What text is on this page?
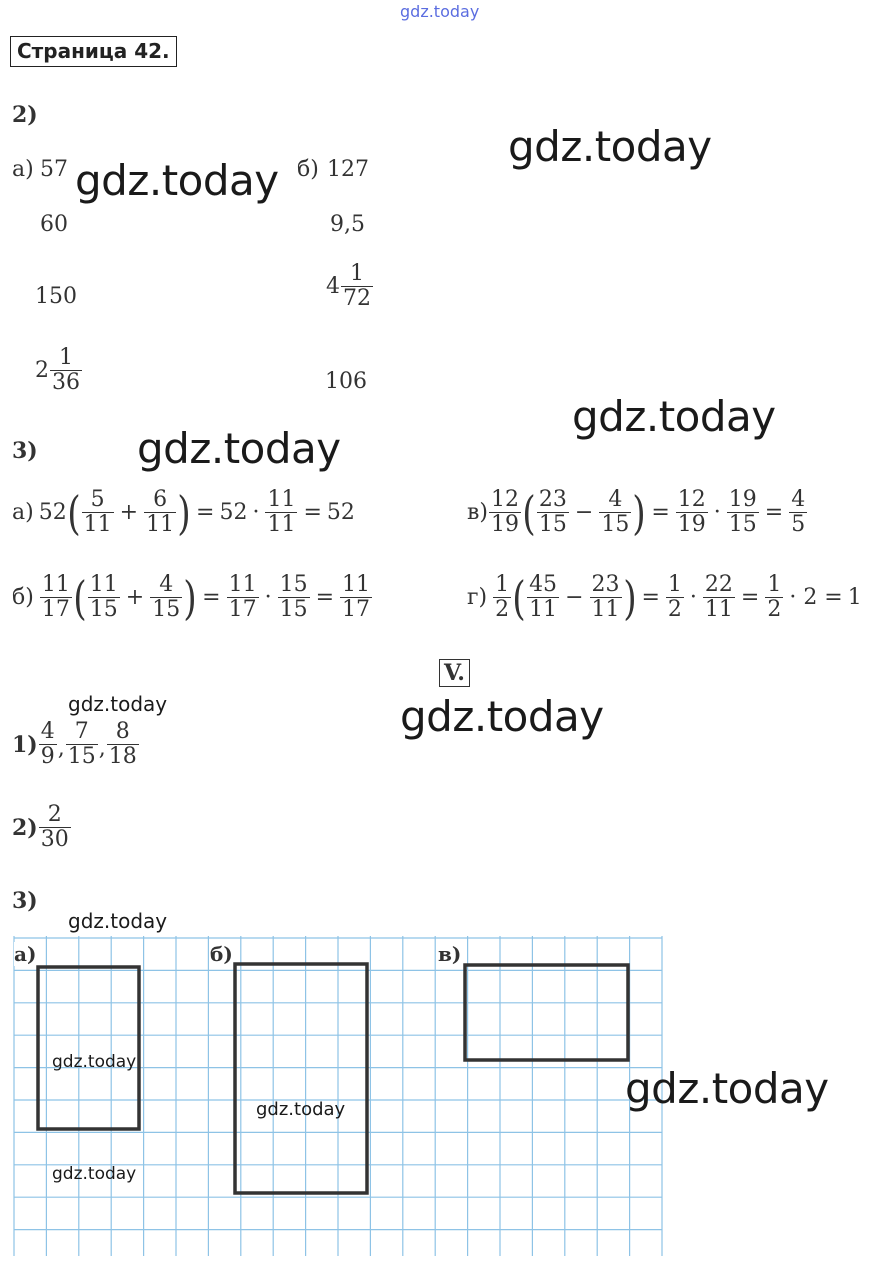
gdz.today
Страница 42.
2)
а) 57
60
150
$2 \frac{1}{36}$
б) 127
9,5
$4 \frac{1}{72}$
106
3)
а) 52 ( $\frac{5}{11} + \frac{6}{11}$ ) = $52 \cdot \frac{11}{11} = 52$
$б) \frac{11}{17}$ ( $\frac{11}{15} + \frac{4}{15}$ ) = $\frac{11}{17} \cdot \frac{15}{15} = \frac{11}{17}$
$в) \frac{12}{19}$ ( $\frac{23}{15} - \frac{4}{15}$ ) = $\frac{12}{19} \cdot \frac{19}{15} = \frac{4}{5}$
$г) \frac{1}{2}$ ( $\frac{45}{11} - \frac{23}{11}$ ) = $\frac{1}{2} \cdot \frac{22}{11} = \frac{1}{2} \cdot 2 = 1$
V.
$1) \frac{4}{9}$ , $\frac{7}{15}$ , $\frac{8}{18}$
$2) \frac{2}{30}$
3)
а)	б)	в)
gdz.today
gdz.today
gdz.today
gdz.today
gdz.today
gdz.today
gdz.today
gdz.today
gdz.today
gdz.today
gdz.today
